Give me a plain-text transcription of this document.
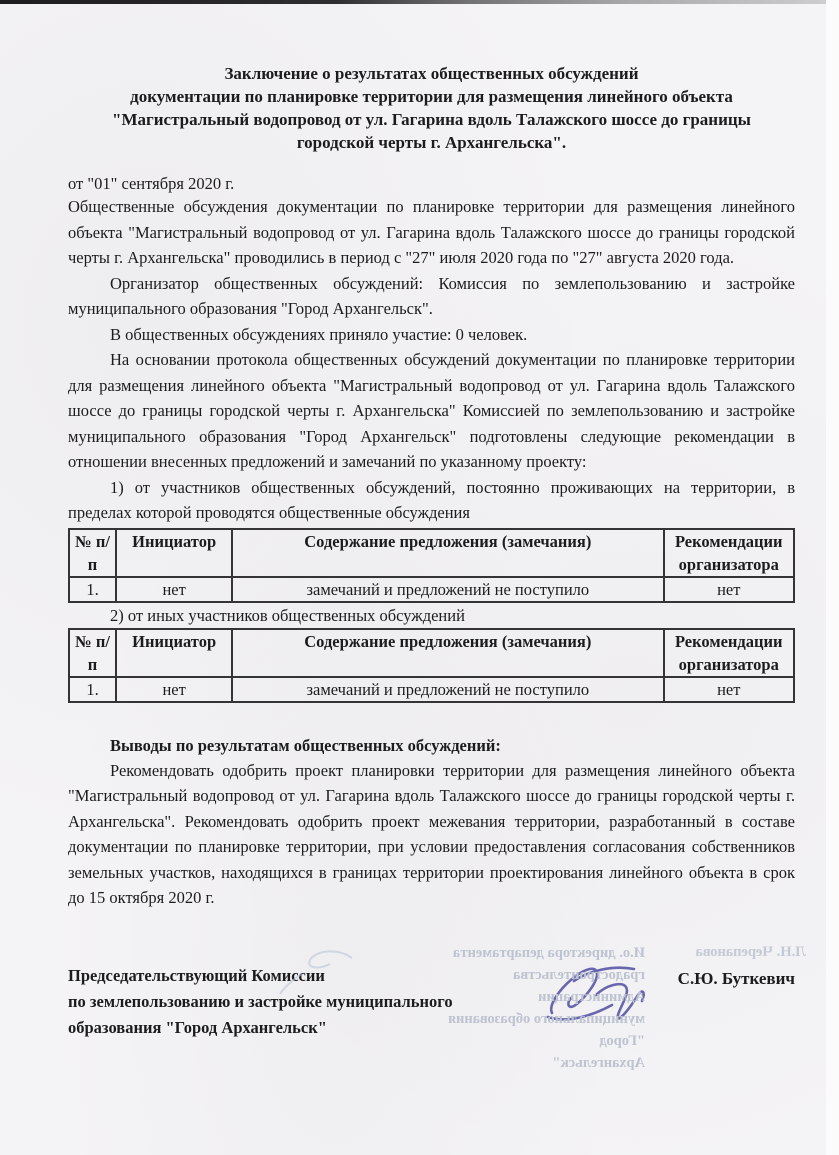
Заключение о результатах общественных обсуждений
документации по планировке территории для размещения линейного объекта
"Магистральный водопровод от ул. Гагарина вдоль Талажского шоссе до границы
городской черты г. Архангельска".
от "01" сентября 2020 г.

Общественные обсуждения документации по планировке территории для размещения линейного объекта "Магистральный водопровод от ул. Гагарина вдоль Талажского шоссе до границы городской черты г. Архангельска" проводились в период с "27" июля 2020 года по "27" августа 2020 года.

Организатор общественных обсуждений: Комиссия по землепользованию и застройке муниципального образования "Город Архангельск".

В общественных обсуждениях приняло участие: 0 человек.

На основании протокола общественных обсуждений документации по планировке территории для размещения линейного объекта "Магистральный водопровод от ул. Гагарина вдоль Талажского шоссе до границы городской черты г. Архангельска" Комиссией по землепользованию и застройке муниципального образования "Город Архангельск" подготовлены следующие рекомендации в отношении внесенных предложений и замечаний по указанному проекту:

1) от участников общественных обсуждений, постоянно проживающих на территории, в пределах которой проводятся общественные обсуждения

№ п/п	Инициатор	Содержание предложения (замечания)	Рекомендации организатора
1.	нет	замечаний и предложений не поступило	нет
2) от иных участников общественных обсуждений
№ п/п	Инициатор	Содержание предложения (замечания)	Рекомендации организатора
1.	нет	замечаний и предложений не поступило	нет
Выводы по результатам общественных обсуждений:

Рекомендовать одобрить проект планировки территории для размещения линейного объекта "Магистральный водопровод от ул. Гагарина вдоль Талажского шоссе до границы городской черты г. Архангельска". Рекомендовать одобрить проект межевания территории, разработанный в составе документации по планировке территории, при условии предоставления согласования собственников земельных участков, находящихся в границах территории проектирования линейного объекта в срок до 15 октября 2020 г.

Председательствующий Комиссии
по землепользованию и застройке муниципального
образования "Город Архангельск"
С.Ю. Буткевич
И.о. директора департамента
градостроительства Администрации
муниципального образования "Город
Архангельск"
Л.Н. Черепанова
